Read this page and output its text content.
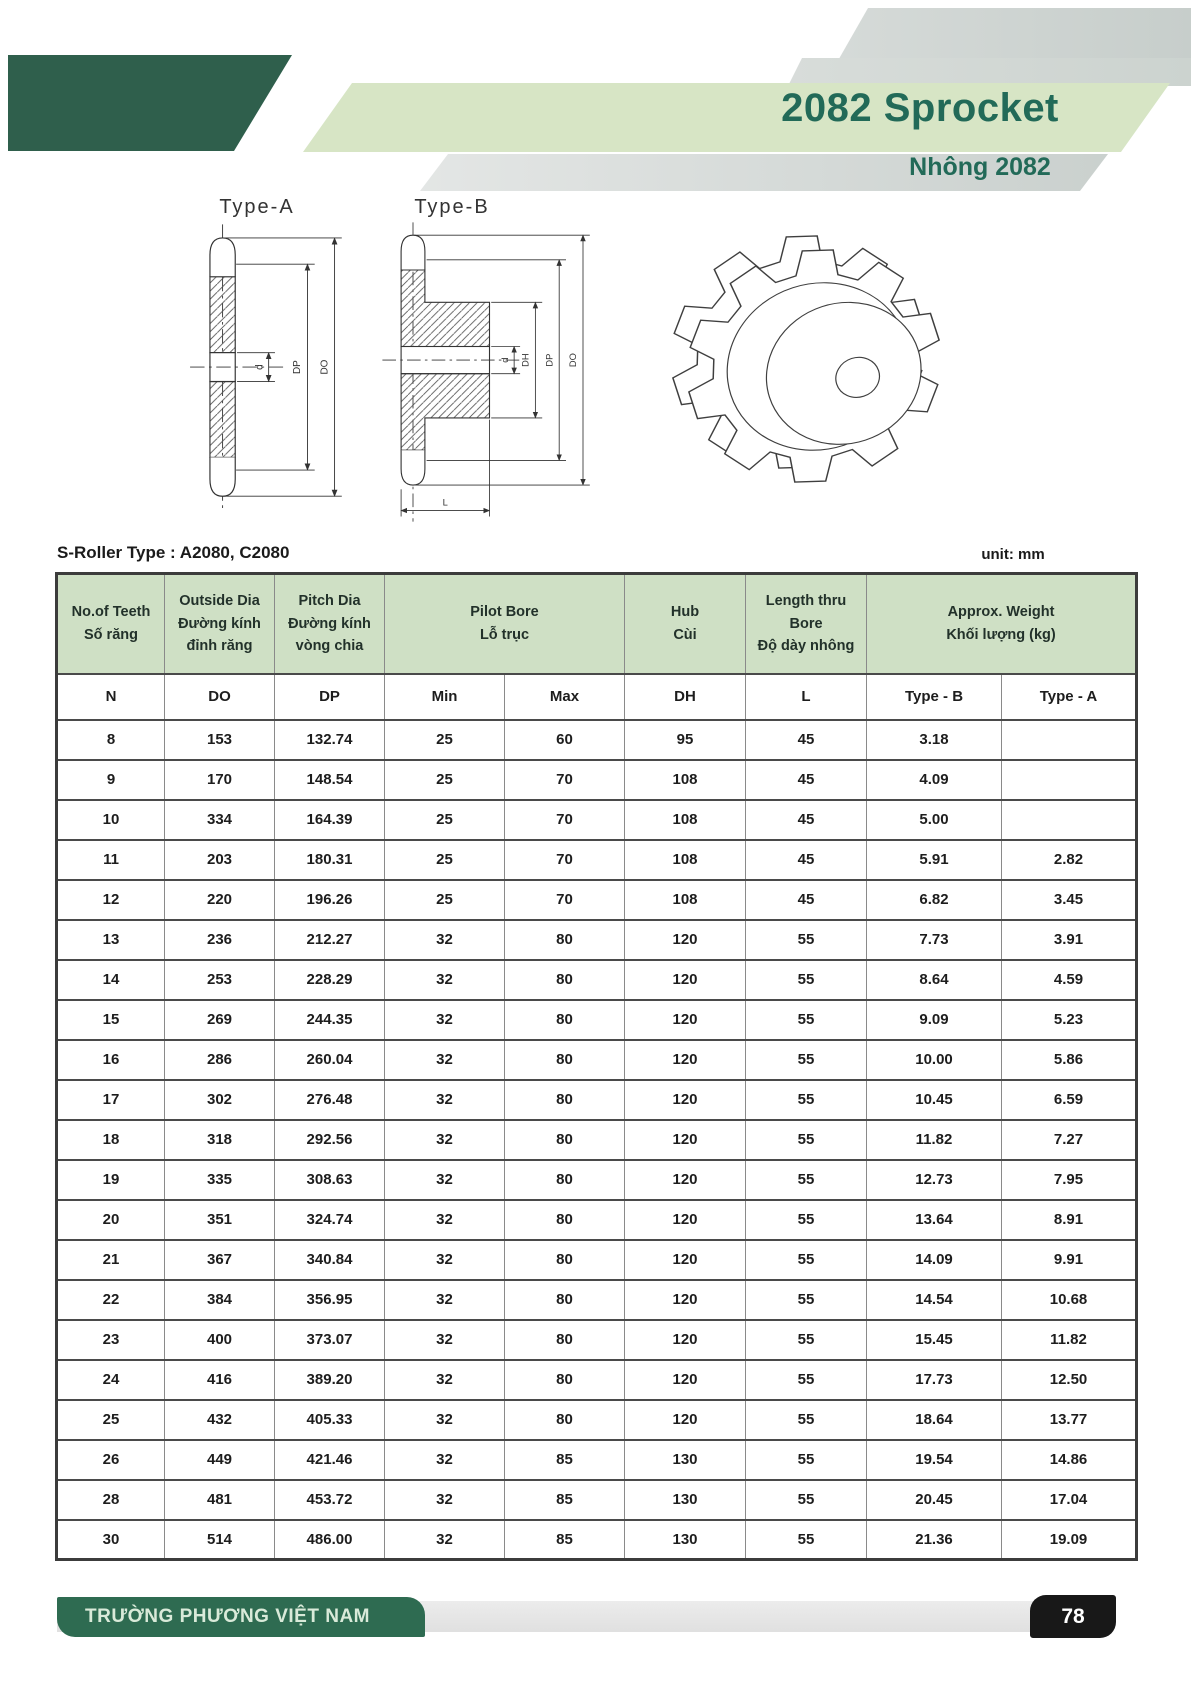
2082 Sprocket
Nhông 2082
Type-A
d DP DO
Type-B
d DH DP DO
L
S-Roller Type : A2080, C2080	unit: mm
No.of Teeth
Số răng

Outside Dia
Đường kính
đỉnh răng

Pitch Dia
Đường kính
vòng chia

Pilot Bore
Lỗ trục

Hub
Cùi

Length thru Bore
Độ dày nhông

Approx. Weight
Khối lượng (kg)

N	DO	DP	Min	Max	DH	L	Type - B	Type - A
8	153	132.74	25	60	95	45	3.18	
9	170	148.54	25	70	108	45	4.09	
10	334	164.39	25	70	108	45	5.00	
11	203	180.31	25	70	108	45	5.91	2.82
12	220	196.26	25	70	108	45	6.82	3.45
13	236	212.27	32	80	120	55	7.73	3.91
14	253	228.29	32	80	120	55	8.64	4.59
15	269	244.35	32	80	120	55	9.09	5.23
16	286	260.04	32	80	120	55	10.00	5.86
17	302	276.48	32	80	120	55	10.45	6.59
18	318	292.56	32	80	120	55	11.82	7.27
19	335	308.63	32	80	120	55	12.73	7.95
20	351	324.74	32	80	120	55	13.64	8.91
21	367	340.84	32	80	120	55	14.09	9.91
22	384	356.95	32	80	120	55	14.54	10.68
23	400	373.07	32	80	120	55	15.45	11.82
24	416	389.20	32	80	120	55	17.73	12.50
25	432	405.33	32	80	120	55	18.64	13.77
26	449	421.46	32	85	130	55	19.54	14.86
28	481	453.72	32	85	130	55	20.45	17.04
30	514	486.00	32	85	130	55	21.36	19.09
TRƯỜNG PHƯƠNG VIỆT NAM	78
